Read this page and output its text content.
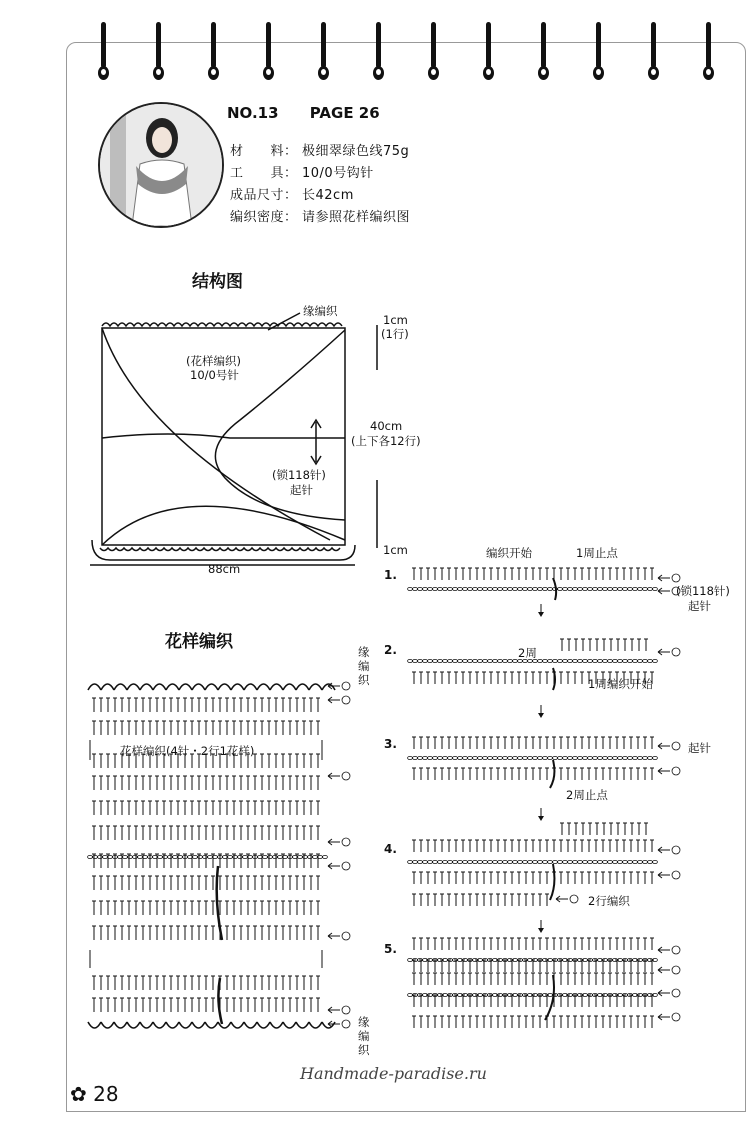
NO.13 PAGE 26
材　　料： 极细翠绿色线75g
工　　具： 10/0号钩针
成品尺寸： 长42cm
编织密度： 请参照花样编织图
结构图
缘编织
(花样编织)
10/0号针
(锁118针)
起针
1cm
(1行)
40cm
(上下各12行)
1cm
88cm
花样编织
花样编织(4针・2行1花样)
缘编织
缘编织
1.
2.
3.
4.
5.
编织开始	1周止点
(锁118针)
起针
2周
1周编织开始
起针
2周止点
2行编织
✿ 28
Handmade-paradise.ru
